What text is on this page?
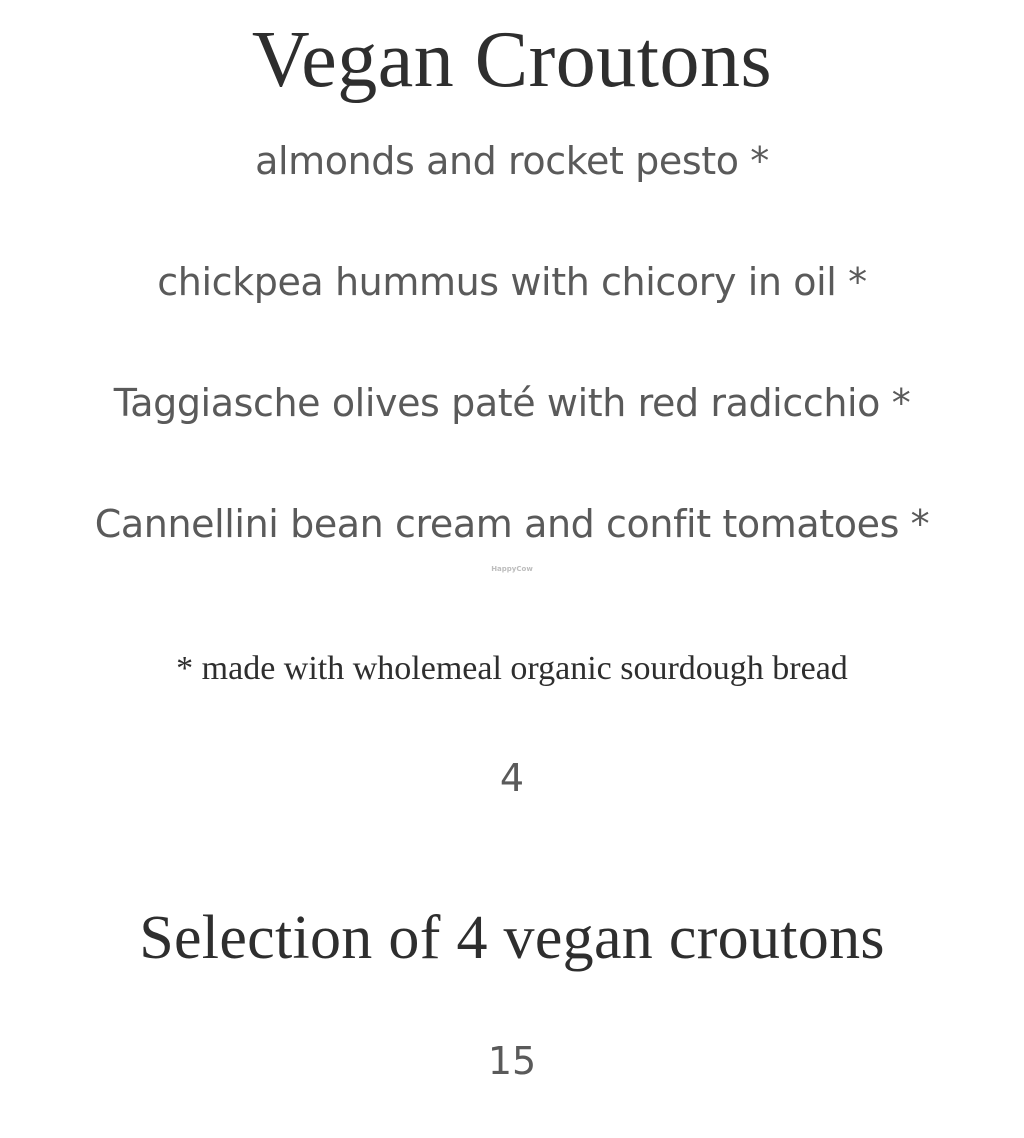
Vegan Croutons
almonds and rocket pesto *
chickpea hummus with chicory in oil *
Taggiasche olives paté with red radicchio *
Cannellini bean cream and confit tomatoes *
HappyCow
* made with wholemeal organic sourdough bread
4
Selection of 4 vegan croutons
15
